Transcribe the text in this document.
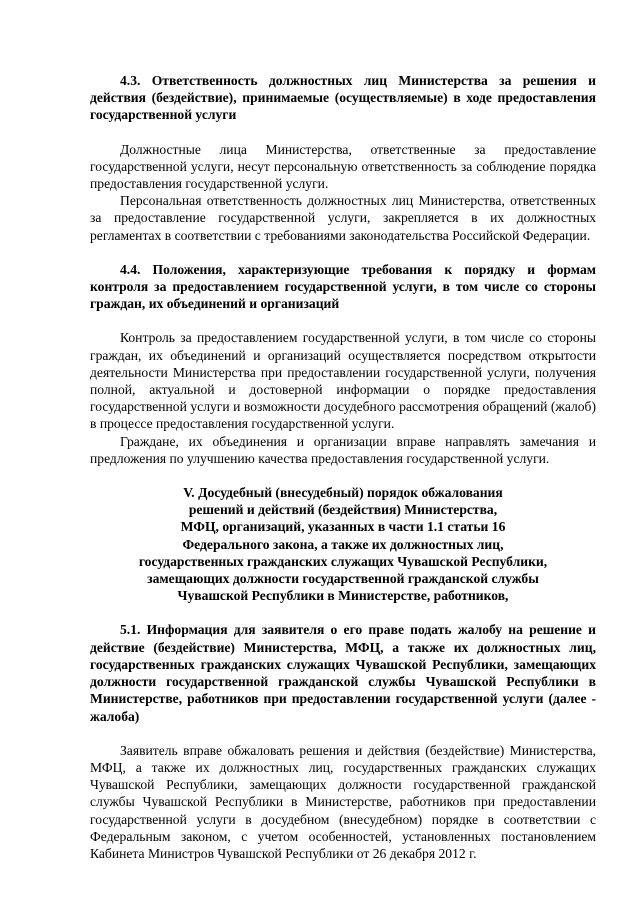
4.3. Ответственность должностных лиц Министерства за решения и действия (бездействие), принимаемые (осуществляемые) в ходе предоставления государственной услуги

Должностные лица Министерства, ответственные за предоставление государственной услуги, несут персональную ответственность за соблюдение порядка предоставления государственной услуги.

Персональная ответственность должностных лиц Министерства, ответственных за предоставление государственной услуги, закрепляется в их должностных регламентах в соответствии с требованиями законодательства Российской Федерации.

4.4. Положения, характеризующие требования к порядку и формам контроля за предоставлением государственной услуги, в том числе со стороны граждан, их объединений и организаций

Контроль за предоставлением государственной услуги, в том числе со стороны граждан, их объединений и организаций осуществляется посредством открытости деятельности Министерства при предоставлении государственной услуги, получения полной, актуальной и достоверной информации о порядке предоставления государственной услуги и возможности досудебного рассмотрения обращений (жалоб) в процессе предоставления государственной услуги.

Граждане, их объединения и организации вправе направлять замечания и предложения по улучшению качества предоставления государственной услуги.

V. Досудебный (внесудебный) порядок обжалования
решений и действий (бездействия) Министерства,
МФЦ, организаций, указанных в части 1.1 статьи 16
Федерального закона, а также их должностных лиц,
государственных гражданских служащих Чувашской Республики,
замещающих должности государственной гражданской службы
Чувашской Республики в Министерстве, работников,

5.1. Информация для заявителя о его праве подать жалобу на решение и действие (бездействие) Министерства, МФЦ, а также их должностных лиц, государственных гражданских служащих Чувашской Республики, замещающих должности государственной гражданской службы Чувашской Республики в Министерстве, работников при предоставлении государственной услуги (далее - жалоба)

Заявитель вправе обжаловать решения и действия (бездействие) Министерства, МФЦ, а также их должностных лиц, государственных гражданских служащих Чувашской Республики, замещающих должности государственной гражданской службы Чувашской Республики в Министерстве, работников при предоставлении государственной услуги в досудебном (внесудебном) порядке в соответствии с Федеральным законом, с учетом особенностей, установленных постановлением Кабинета Министров Чувашской Республики от 26 декабря 2012 г.
